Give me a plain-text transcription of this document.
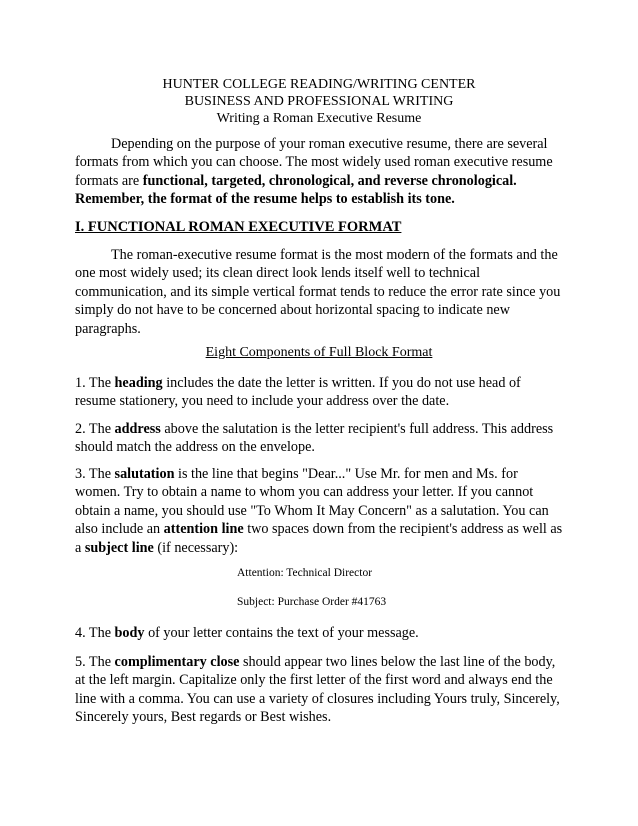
HUNTER COLLEGE READING/WRITING CENTER
BUSINESS AND PROFESSIONAL WRITING
Writing a Roman Executive Resume

Depending on the purpose of your roman executive resume, there are several formats from which you can choose. The most widely used roman executive resume formats are functional, targeted, chronological, and reverse chronological. Remember, the format of the resume helps to establish its tone.

I. FUNCTIONAL ROMAN EXECUTIVE FORMAT

The roman-executive resume format is the most modern of the formats and the one most widely used; its clean direct look lends itself well to technical communication, and its simple vertical format tends to reduce the error rate since you simply do not have to be concerned about horizontal spacing to indicate new paragraphs.

Eight Components of Full Block Format

1. The heading includes the date the letter is written. If you do not use head of resume stationery, you need to include your address over the date.

2. The address above the salutation is the letter recipient's full address. This address should match the address on the envelope.

3. The salutation is the line that begins "Dear..." Use Mr. for men and Ms. for women. Try to obtain a name to whom you can address your letter. If you cannot obtain a name, you should use "To Whom It May Concern" as a salutation. You can also include an attention line two spaces down from the recipient's address as well as a subject line (if necessary):

Attention: Technical Director
Subject: Purchase Order #41763

4. The body of your letter contains the text of your message.

5. The complimentary close should appear two lines below the last line of the body, at the left margin. Capitalize only the first letter of the first word and always end the line with a comma. You can use a variety of closures including Yours truly, Sincerely, Sincerely yours, Best regards or Best wishes.
